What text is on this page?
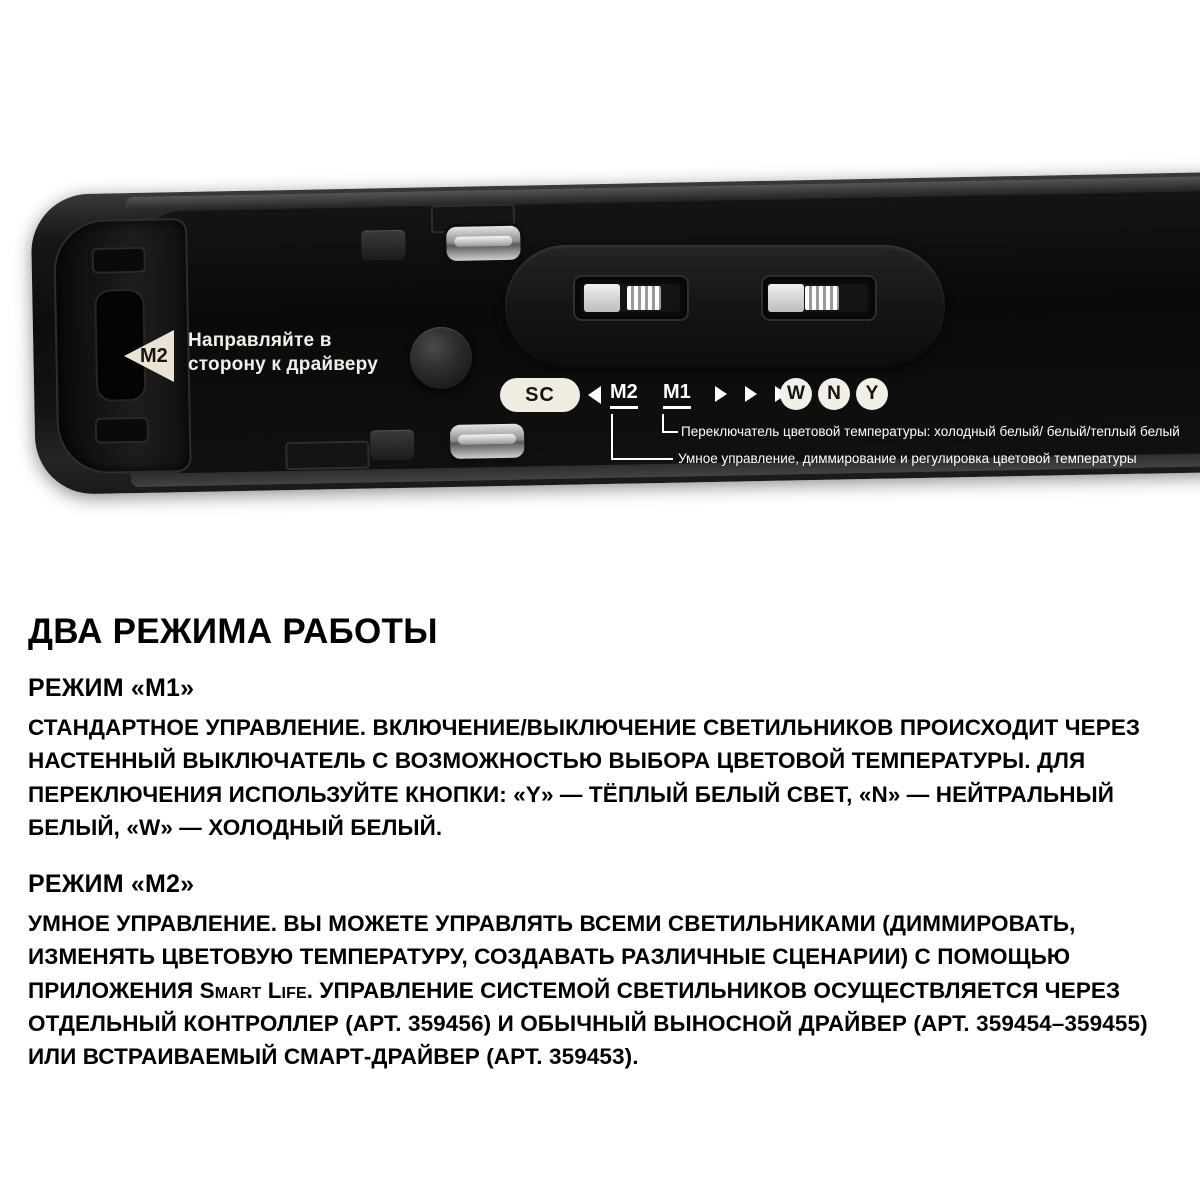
M2
Направляйте в сторону к драйверу
SC	M2 M1	W	N	Y
Переключатель цветовой температуры: холодный белый/ белый/теплый белый
Умное управление, диммирование и регулировка цветовой температуры
ДВА РЕЖИМА РАБОТЫ
РЕЖИМ «M1»

СТАНДАРТНОЕ УПРАВЛЕНИЕ. ВКЛЮЧЕНИЕ/ВЫКЛЮЧЕНИЕ СВЕТИЛЬНИКОВ ПРОИСХОДИТ ЧЕРЕЗ НАСТЕННЫЙ ВЫКЛЮЧАТЕЛЬ С ВОЗМОЖНОСТЬЮ ВЫБОРА ЦВЕТОВОЙ ТЕМПЕРАТУРЫ. ДЛЯ ПЕРЕКЛЮЧЕНИЯ ИСПОЛЬЗУЙТЕ КНОПКИ: «Y» — ТЁПЛЫЙ БЕЛЫЙ СВЕТ, «N» — НЕЙТРАЛЬНЫЙ БЕЛЫЙ, «W» — ХОЛОДНЫЙ БЕЛЫЙ.

РЕЖИМ «M2»

УМНОЕ УПРАВЛЕНИЕ. ВЫ МОЖЕТЕ УПРАВЛЯТЬ ВСЕМИ СВЕТИЛЬНИКАМИ (ДИММИРОВАТЬ, ИЗМЕНЯТЬ ЦВЕТОВУЮ ТЕМПЕРАТУРУ, СОЗДАВАТЬ РАЗЛИЧНЫЕ СЦЕНАРИИ) С ПОМОЩЬЮ ПРИЛОЖЕНИЯ Smart Life. УПРАВЛЕНИЕ СИСТЕМОЙ СВЕТИЛЬНИКОВ ОСУЩЕСТВЛЯЕТСЯ ЧЕРЕЗ ОТДЕЛЬНЫЙ КОНТРОЛЛЕР (АРТ. 359456) И ОБЫЧНЫЙ ВЫНОСНОЙ ДРАЙВЕР (АРТ. 359454–359455) ИЛИ ВСТРАИВАЕМЫЙ СМАРТ-ДРАЙВЕР (АРТ. 359453).
